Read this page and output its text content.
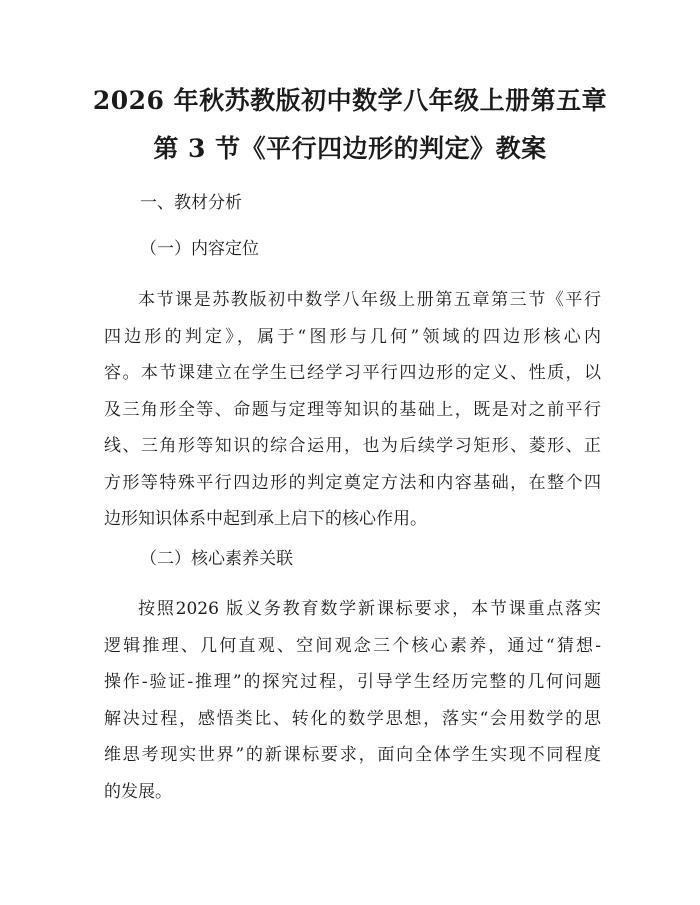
2026 年秋苏教版初中数学八年级上册第五章
第 3 节《平行四边形的判定》教案
一、教材分析
（一）内容定位
本节课是苏教版初中数学八年级上册第五章第三节《平行
四边形的判定》，属于“图形与几何”领域的四边形核心内
容。本节课建立在学生已经学习平行四边形的定义、性质，以
及三角形全等、命题与定理等知识的基础上，既是对之前平行
线、三角形等知识的综合运用，也为后续学习矩形、菱形、正
方形等特殊平行四边形的判定奠定方法和内容基础，在整个四
边形知识体系中起到承上启下的核心作用。
（二）核心素养关联
按照2026 版义务教育数学新课标要求，本节课重点落实
逻辑推理、几何直观、空间观念三个核心素养，通过“猜想-
操作-验证-推理”的探究过程，引导学生经历完整的几何问题
解决过程，感悟类比、转化的数学思想，落实“会用数学的思
维思考现实世界”的新课标要求，面向全体学生实现不同程度
的发展。
